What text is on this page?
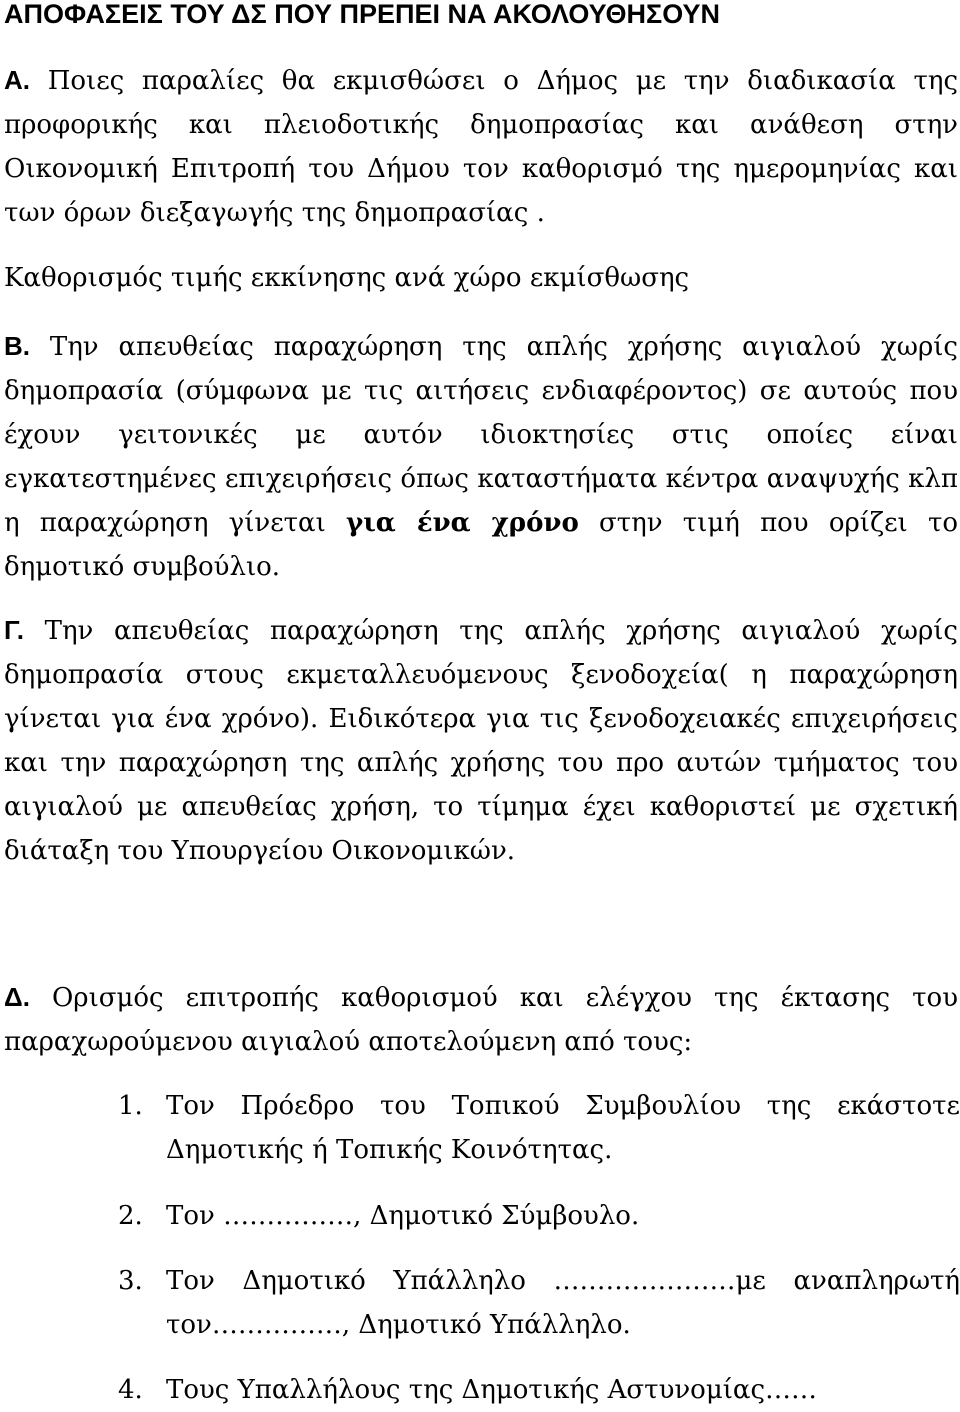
ΑΠΟΦΑΣΕΙΣ ΤΟΥ ΔΣ ΠΟΥ ΠΡΕΠΕΙ ΝΑ ΑΚΟΛΟΥΘΗΣΟΥΝ
Α. Ποιες παραλίες θα εκμισθώσει ο Δήμος με την διαδικασία της προφορικής και πλειοδοτικής δημοπρασίας και ανάθεση στην Οικονομική Επιτροπή του Δήμου τον καθορισμό της ημερομηνίας και των όρων διεξαγωγής της δημοπρασίας .
Καθορισμός τιμής εκκίνησης ανά χώρο εκμίσθωσης
Β. Την απευθείας παραχώρηση της απλής χρήσης αιγιαλού χωρίς δημοπρασία (σύμφωνα με τις αιτήσεις ενδιαφέροντος) σε αυτούς που έχουν γειτονικές με αυτόν ιδιοκτησίες στις οποίες είναι εγκατεστημένες επιχειρήσεις όπως καταστήματα κέντρα αναψυχής κλπ η παραχώρηση γίνεται για ένα χρόνο στην τιμή που ορίζει το δημοτικό συμβούλιο.
Γ. Την απευθείας παραχώρηση της απλής χρήσης αιγιαλού χωρίς δημοπρασία στους εκμεταλλευόμενους ξενοδοχεία( η παραχώρηση γίνεται για ένα χρόνο). Ειδικότερα για τις ξενοδοχειακές επιχειρήσεις και την παραχώρηση της απλής χρήσης του προ αυτών τμήματος του αιγιαλού με απευθείας χρήση, το τίμημα έχει καθοριστεί με σχετική διάταξη του Υπουργείου Οικονομικών.
Δ. Ορισμός επιτροπής καθορισμού και ελέγχου της έκτασης του παραχωρούμενου αιγιαλού αποτελούμενη από τους:
1. Τον Πρόεδρο του Τοπικού Συμβουλίου της εκάστοτε Δημοτικής ή Τοπικής Κοινότητας.
2. Τον ……………, Δημοτικό Σύμβουλο.
3. Τον Δημοτικό Υπάλληλο …………………με αναπληρωτή τον……………, Δημοτικό Υπάλληλο.
4. Τους Υπαλλήλους της Δημοτικής Αστυνομίας……
